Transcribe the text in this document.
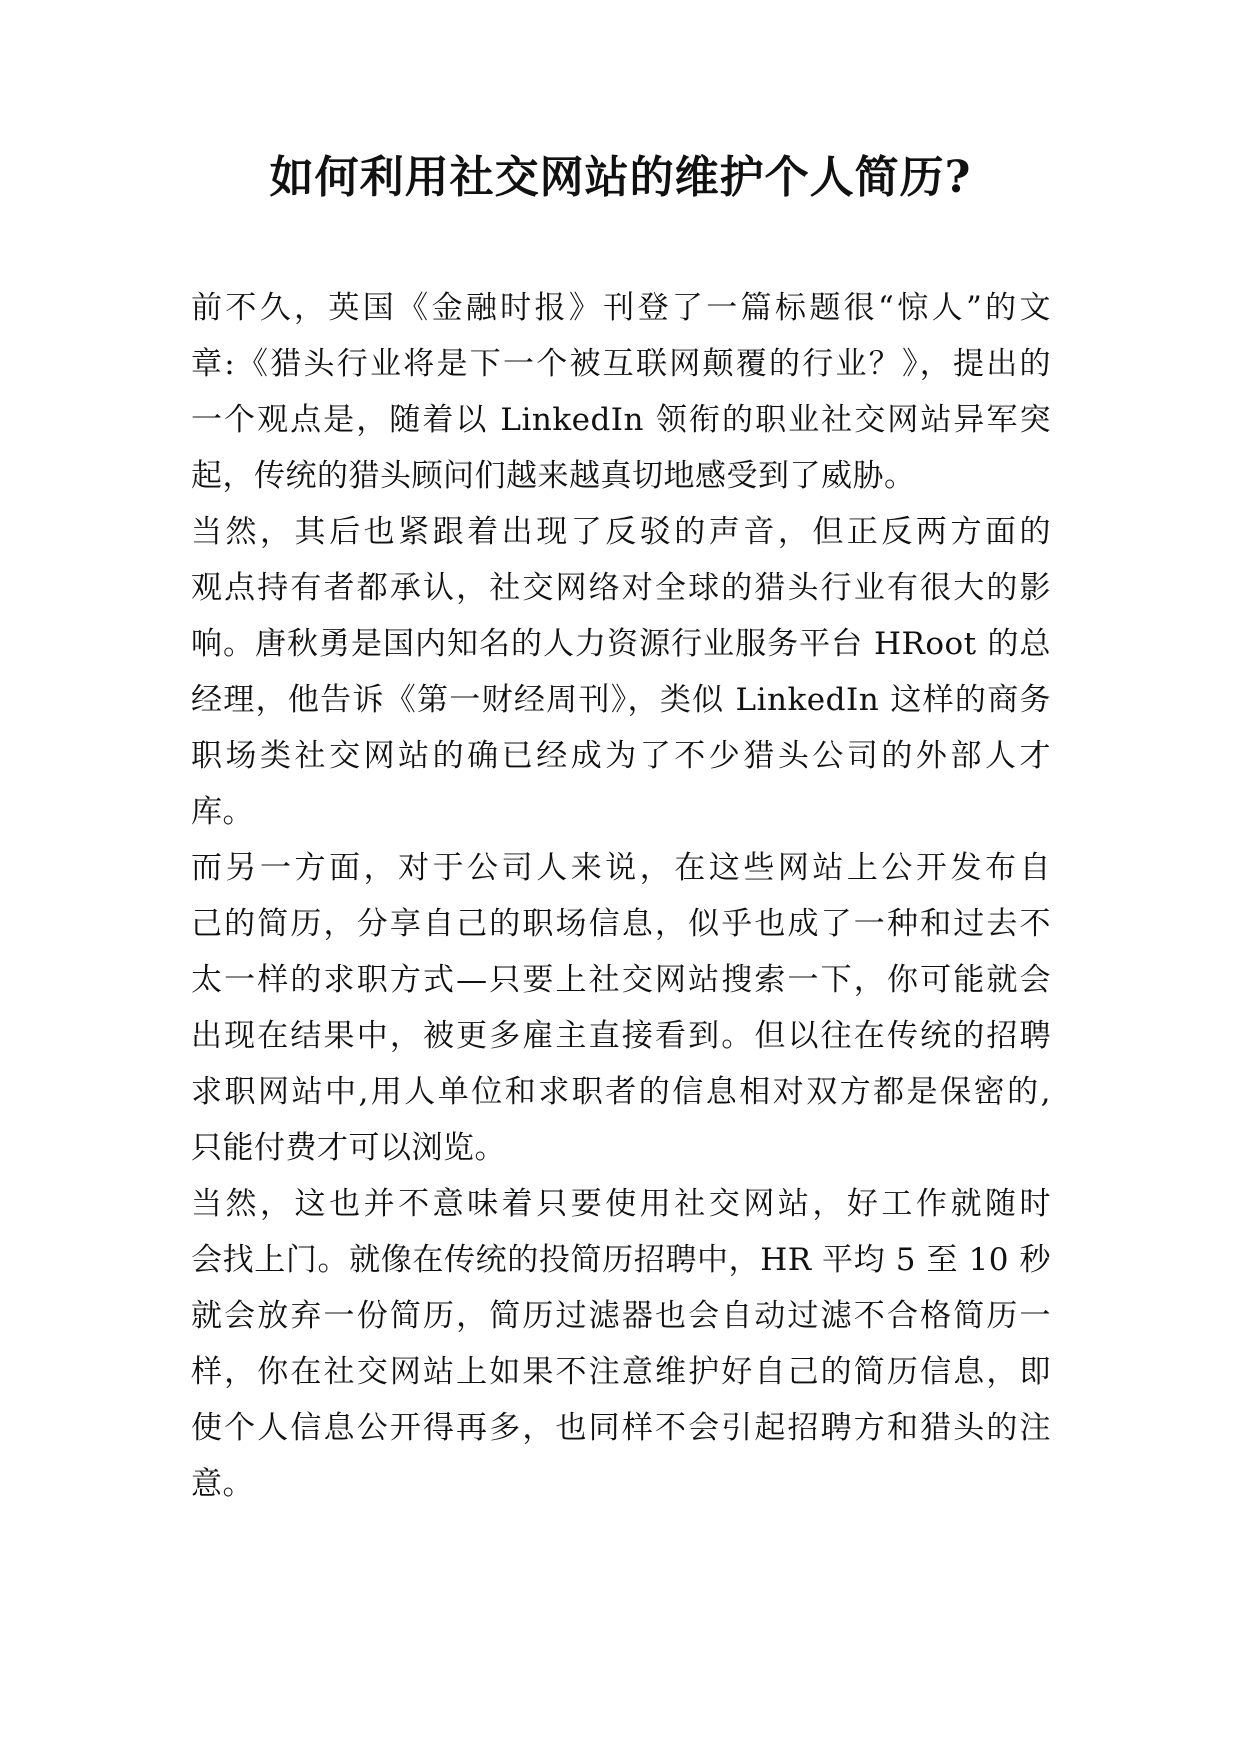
如何利用社交网站的维护个人简历?
前不久，英国《金融时报》刊登了一篇标题很“惊人”的文
章:《猎头行业将是下一个被互联网颠覆的行业？》，提出的
一个观点是，随着以 LinkedIn 领衔的职业社交网站异军突
起，传统的猎头顾问们越来越真切地感受到了威胁。
当然，其后也紧跟着出现了反驳的声音，但正反两方面的
观点持有者都承认，社交网络对全球的猎头行业有很大的影
响。唐秋勇是国内知名的人力资源行业服务平台 HRoot 的总
经理，他告诉《第一财经周刊》，类似 LinkedIn 这样的商务
职场类社交网站的确已经成为了不少猎头公司的外部人才
库。
而另一方面，对于公司人来说，在这些网站上公开发布自
己的简历，分享自己的职场信息，似乎也成了一种和过去不
太一样的求职方式—只要上社交网站搜索一下，你可能就会
出现在结果中，被更多雇主直接看到。但以往在传统的招聘
求职网站中,用人单位和求职者的信息相对双方都是保密的,
只能付费才可以浏览。
当然，这也并不意味着只要使用社交网站，好工作就随时
会找上门。就像在传统的投简历招聘中，HR 平均 5 至 10 秒
就会放弃一份简历，简历过滤器也会自动过滤不合格简历一
样，你在社交网站上如果不注意维护好自己的简历信息，即
使个人信息公开得再多，也同样不会引起招聘方和猎头的注
意。
